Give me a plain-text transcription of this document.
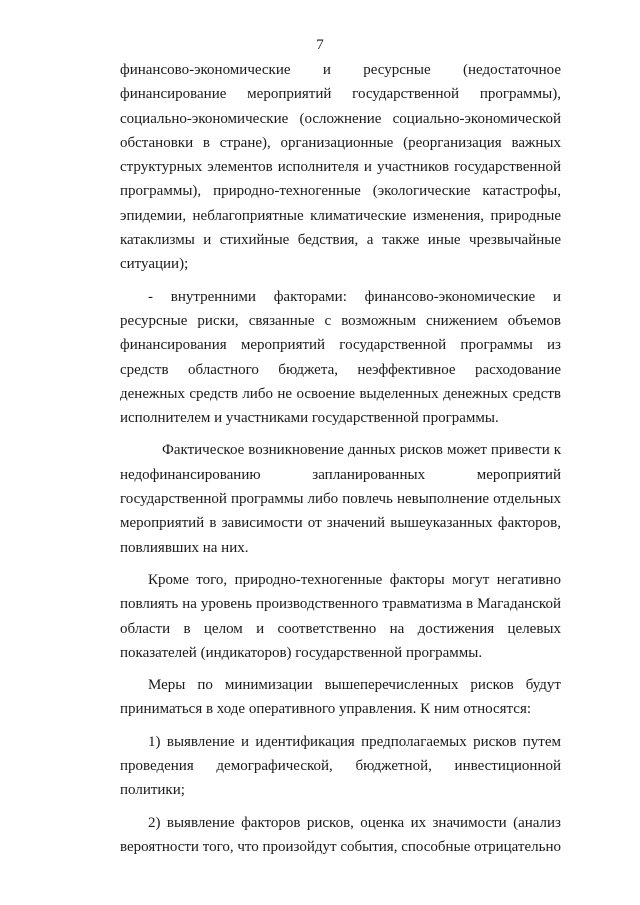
7

финансово-экономические и ресурсные (недостаточное финансирование мероприятий государственной программы), социально-экономические (осложнение социально-экономической обстановки в стране), организационные (реорганизация важных структурных элементов исполнителя и участников государственной программы), природно-техногенные (экологические катастрофы, эпидемии, неблагоприятные климатические изменения, природные катаклизмы и стихийные бедствия, а также иные чрезвычайные ситуации);

- внутренними факторами: финансово-экономические и ресурсные риски, связанные с возможным снижением объемов финансирования мероприятий государственной программы из средств областного бюджета, неэффективное расходование денежных средств либо не освоение выделенных денежных средств исполнителем и участниками государственной программы.

Фактическое возникновение данных рисков может привести к недофинансированию запланированных мероприятий государственной программы либо повлечь невыполнение отдельных мероприятий в зависимости от значений вышеуказанных факторов, повлиявших на них.

Кроме того, природно-техногенные факторы могут негативно повлиять на уровень производственного травматизма в Магаданской области в целом и соответственно на достижения целевых показателей (индикаторов) государственной программы.

Меры по минимизации вышеперечисленных рисков будут приниматься в ходе оперативного управления. К ним относятся:

1) выявление и идентификация предполагаемых рисков путем проведения демографической, бюджетной, инвестиционной политики;

2) выявление факторов рисков, оценка их значимости (анализ вероятности того, что произойдут события, способные отрицательно
